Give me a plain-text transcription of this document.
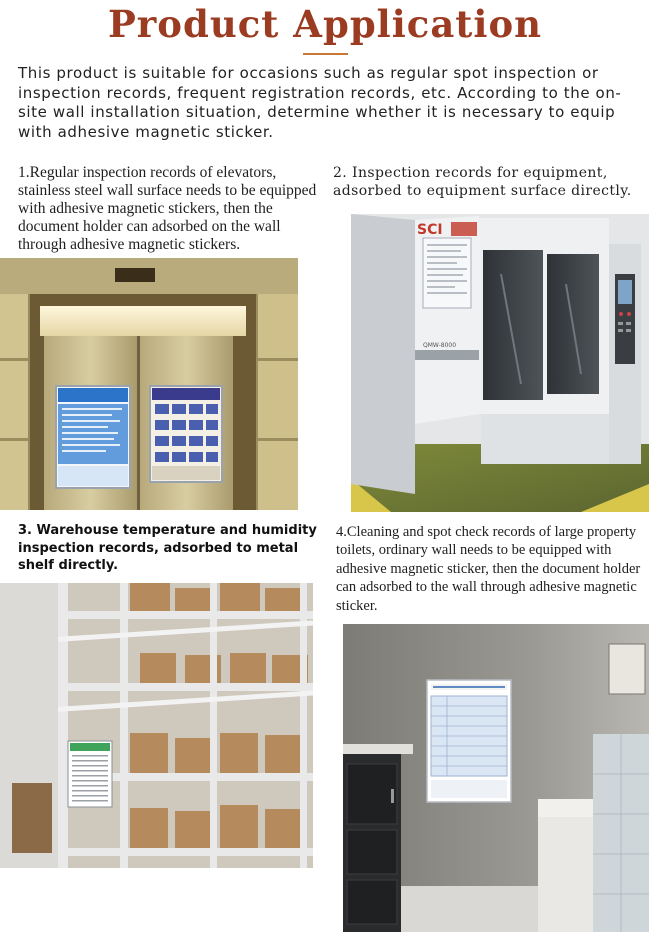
Product Application
This product is suitable for occasions such as regular spot inspection or inspection records, frequent registration records, etc. According to the on-site wall installation situation, determine whether it is necessary to equip with adhesive magnetic sticker.
1.Regular inspection records of elevators, stainless steel wall surface needs to be equipped with adhesive magnetic stickers, then the document holder can adsorbed on the wall through adhesive magnetic stickers.
2. Inspection records for equipment, adsorbed to equipment surface directly.
3. Warehouse temperature and humidity inspection records, adsorbed to metal shelf directly.
4.Cleaning and spot check records of large property toilets, ordinary wall needs to be equipped with adhesive magnetic sticker, then the document holder can adsorbed to the wall through adhesive magnetic sticker.
QMW-8000
SCI
